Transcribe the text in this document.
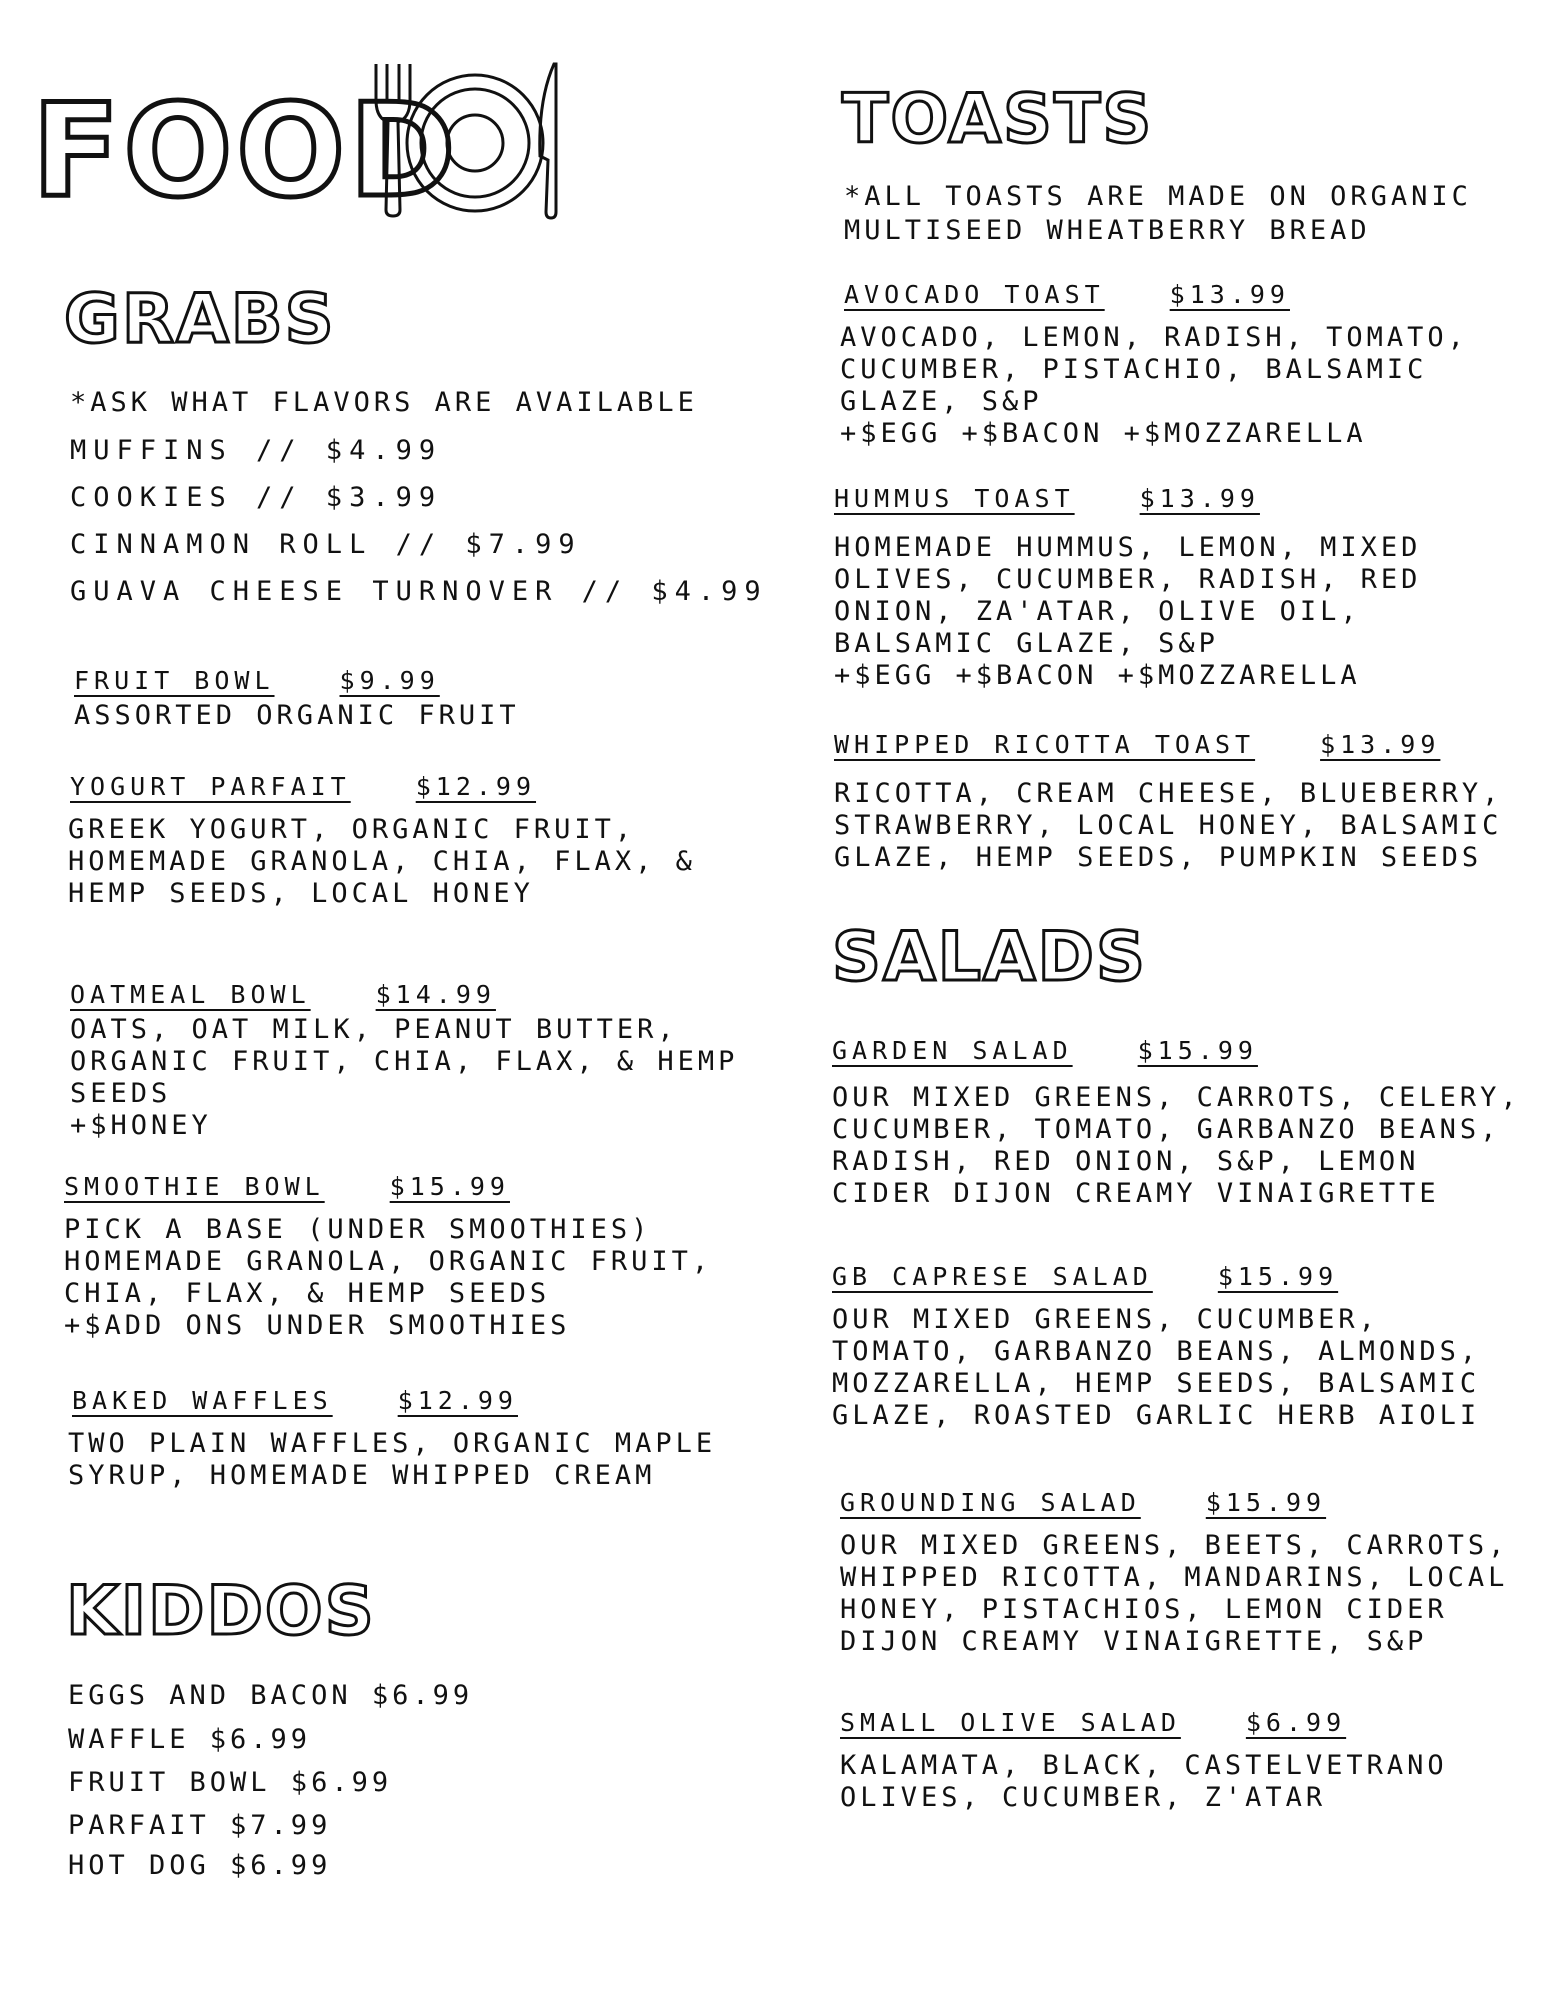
FOOD
GRABS
*ASK WHAT FLAVORS ARE AVAILABLE
MUFFINS // $4.99
COOKIES // $3.99
CINNAMON ROLL // $7.99
GUAVA CHEESE TURNOVER // $4.99
FRUIT BOWL	$9.99
ASSORTED ORGANIC FRUIT
YOGURT PARFAIT	$12.99
GREEK YOGURT, ORGANIC FRUIT,
HOMEMADE GRANOLA, CHIA, FLAX, &
HEMP SEEDS, LOCAL HONEY
OATMEAL BOWL	$14.99
OATS, OAT MILK, PEANUT BUTTER,
ORGANIC FRUIT, CHIA, FLAX, & HEMP
SEEDS
+$HONEY
SMOOTHIE BOWL	$15.99
PICK A BASE (UNDER SMOOTHIES)
HOMEMADE GRANOLA, ORGANIC FRUIT,
CHIA, FLAX, & HEMP SEEDS
+$ADD ONS UNDER SMOOTHIES
BAKED WAFFLES	$12.99
TWO PLAIN WAFFLES, ORGANIC MAPLE
SYRUP, HOMEMADE WHIPPED CREAM
KIDDOS
EGGS AND BACON $6.99
WAFFLE $6.99
FRUIT BOWL $6.99
PARFAIT $7.99
HOT DOG $6.99
TOASTS
*ALL TOASTS ARE MADE ON ORGANIC
MULTISEED WHEATBERRY BREAD
AVOCADO TOAST	$13.99
AVOCADO, LEMON, RADISH, TOMATO,
CUCUMBER, PISTACHIO, BALSAMIC
GLAZE, S&P
+$EGG +$BACON +$MOZZARELLA
HUMMUS TOAST	$13.99
HOMEMADE HUMMUS, LEMON, MIXED
OLIVES, CUCUMBER, RADISH, RED
ONION, ZA'ATAR, OLIVE OIL,
BALSAMIC GLAZE, S&P
+$EGG +$BACON +$MOZZARELLA
WHIPPED RICOTTA TOAST	$13.99
RICOTTA, CREAM CHEESE, BLUEBERRY,
STRAWBERRY, LOCAL HONEY, BALSAMIC
GLAZE, HEMP SEEDS, PUMPKIN SEEDS
SALADS
GARDEN SALAD	$15.99
OUR MIXED GREENS, CARROTS, CELERY,
CUCUMBER, TOMATO, GARBANZO BEANS,
RADISH, RED ONION, S&P, LEMON
CIDER DIJON CREAMY VINAIGRETTE
GB CAPRESE SALAD	$15.99
OUR MIXED GREENS, CUCUMBER,
TOMATO, GARBANZO BEANS, ALMONDS,
MOZZARELLA, HEMP SEEDS, BALSAMIC
GLAZE, ROASTED GARLIC HERB AIOLI
GROUNDING SALAD	$15.99
OUR MIXED GREENS, BEETS, CARROTS,
WHIPPED RICOTTA, MANDARINS, LOCAL
HONEY, PISTACHIOS, LEMON CIDER
DIJON CREAMY VINAIGRETTE, S&P
SMALL OLIVE SALAD	$6.99
KALAMATA, BLACK, CASTELVETRANO
OLIVES, CUCUMBER, Z'ATAR
